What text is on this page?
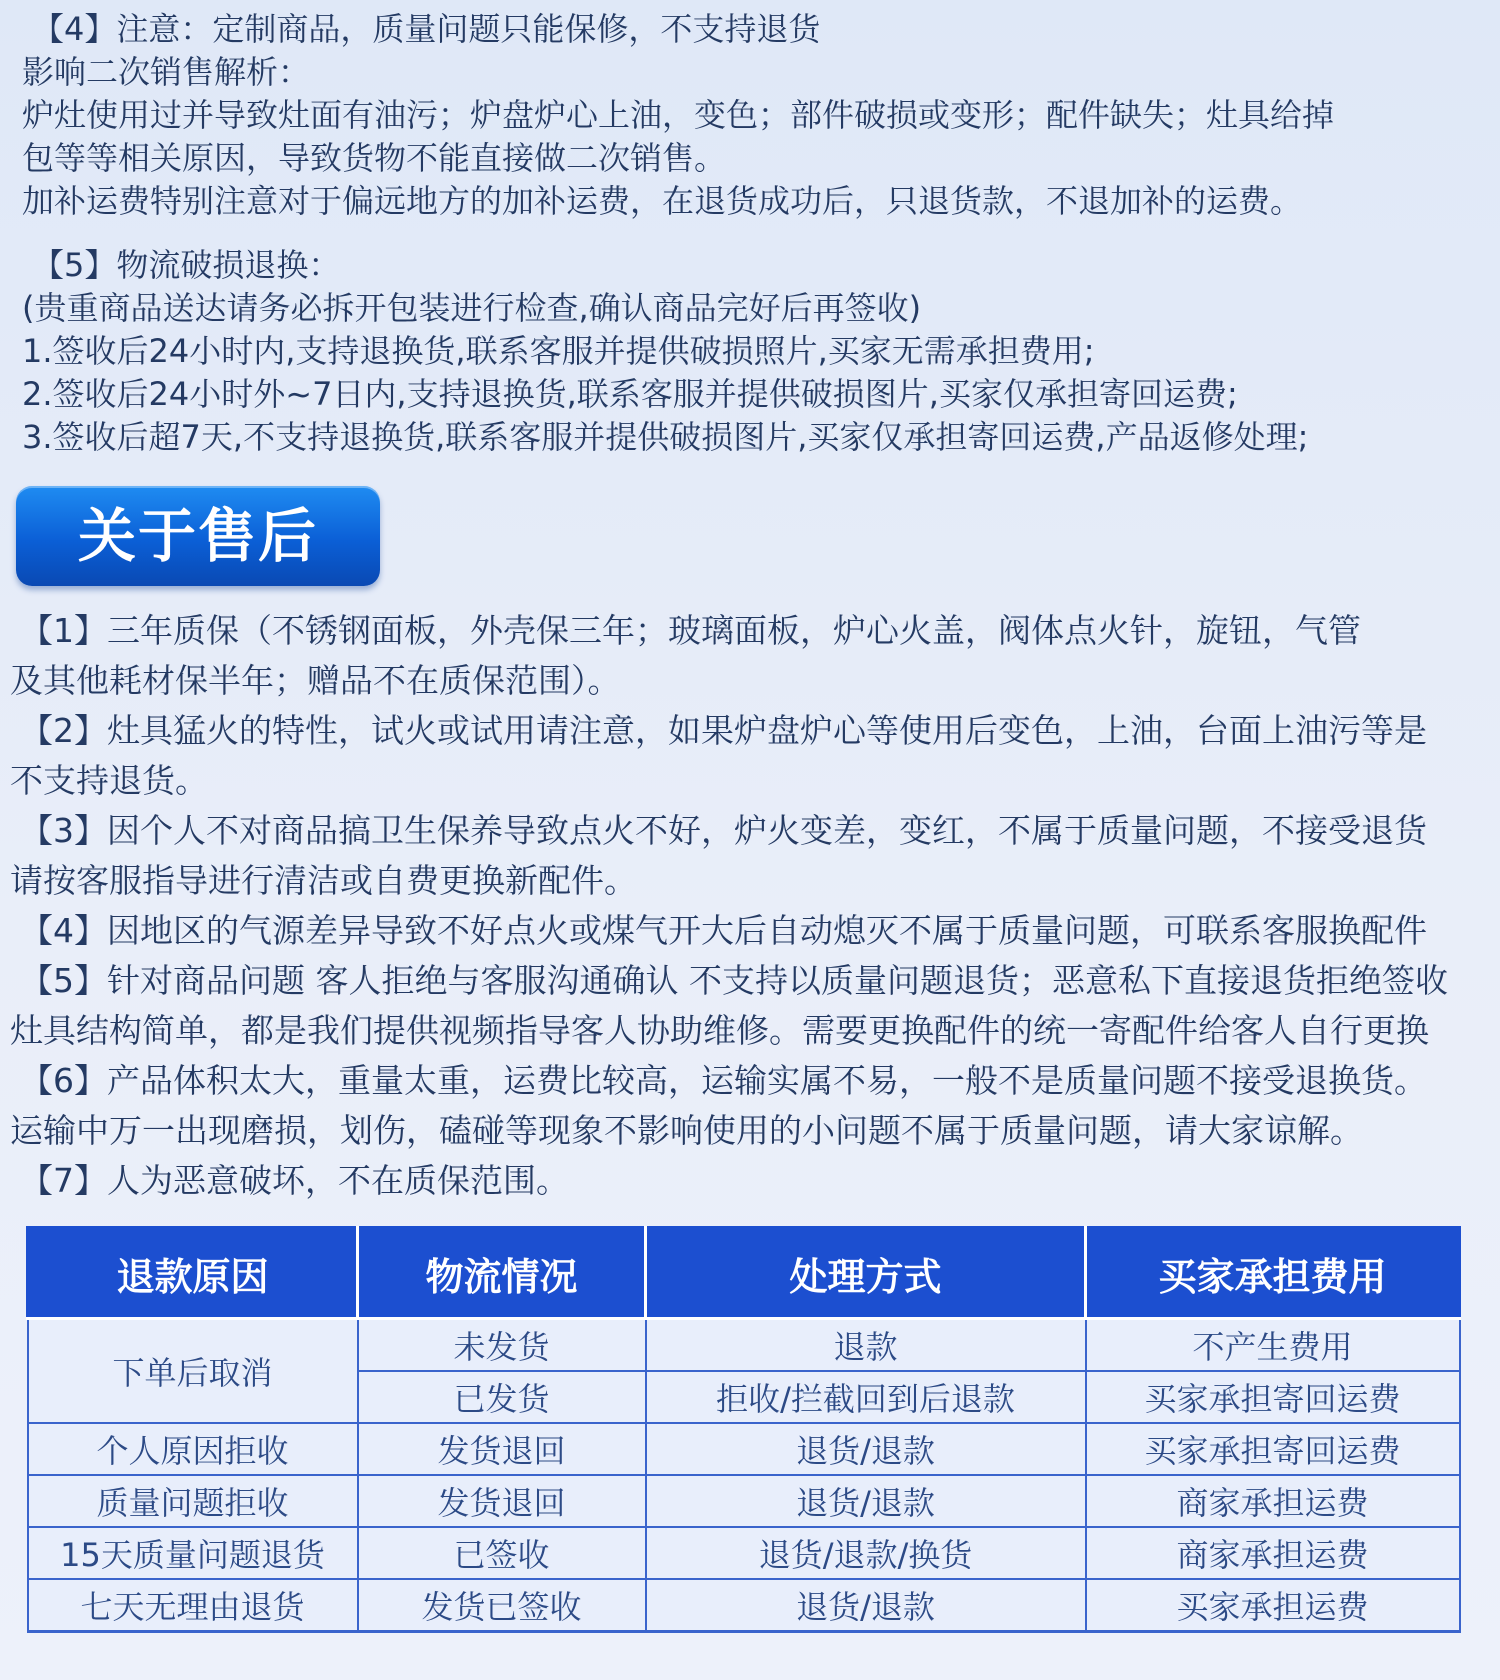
【4】注意：定制商品，质量问题只能保修，不支持退货
影响二次销售解析：
炉灶使用过并导致灶面有油污；炉盘炉心上油，变色；部件破损或变形；配件缺失；灶具给掉
包等等相关原因，导致货物不能直接做二次销售。
加补运费特别注意对于偏远地方的加补运费，在退货成功后，只退货款，不退加补的运费。
【5】物流破损退换：
(贵重商品送达请务必拆开包装进行检查,确认商品完好后再签收)
1.签收后24小时内,支持退换货,联系客服并提供破损照片,买家无需承担费用;
2.签收后24小时外~7日内,支持退换货,联系客服并提供破损图片,买家仅承担寄回运费;
3.签收后超7天,不支持退换货,联系客服并提供破损图片,买家仅承担寄回运费,产品返修处理;
关于售后
【1】三年质保（不锈钢面板，外壳保三年；玻璃面板，炉心火盖，阀体点火针，旋钮，气管
及其他耗材保半年；赠品不在质保范围）。
【2】灶具猛火的特性，试火或试用请注意，如果炉盘炉心等使用后变色，上油，台面上油污等是
不支持退货。
【3】因个人不对商品搞卫生保养导致点火不好，炉火变差，变红，不属于质量问题，不接受退货
请按客服指导进行清洁或自费更换新配件。
【4】因地区的气源差异导致不好点火或煤气开大后自动熄灭不属于质量问题，可联系客服换配件
【5】针对商品问题 客人拒绝与客服沟通确认 不支持以质量问题退货；恶意私下直接退货拒绝签收
灶具结构简单，都是我们提供视频指导客人协助维修。需要更换配件的统一寄配件给客人自行更换
【6】产品体积太大，重量太重，运费比较高，运输实属不易，一般不是质量问题不接受退换货。
运输中万一出现磨损，划伤，磕碰等现象不影响使用的小问题不属于质量问题，请大家谅解。
【7】人为恶意破坏，不在质保范围。
退款原因	物流情况	处理方式	买家承担费用
下单后取消	未发货	退款	不产生费用
	已发货	拒收/拦截回到后退款	买家承担寄回运费
个人原因拒收	发货退回	退货/退款	买家承担寄回运费
质量问题拒收	发货退回	退货/退款	商家承担运费
15天质量问题退货	已签收	退货/退款/换货	商家承担运费
七天无理由退货	发货已签收	退货/退款	买家承担运费
